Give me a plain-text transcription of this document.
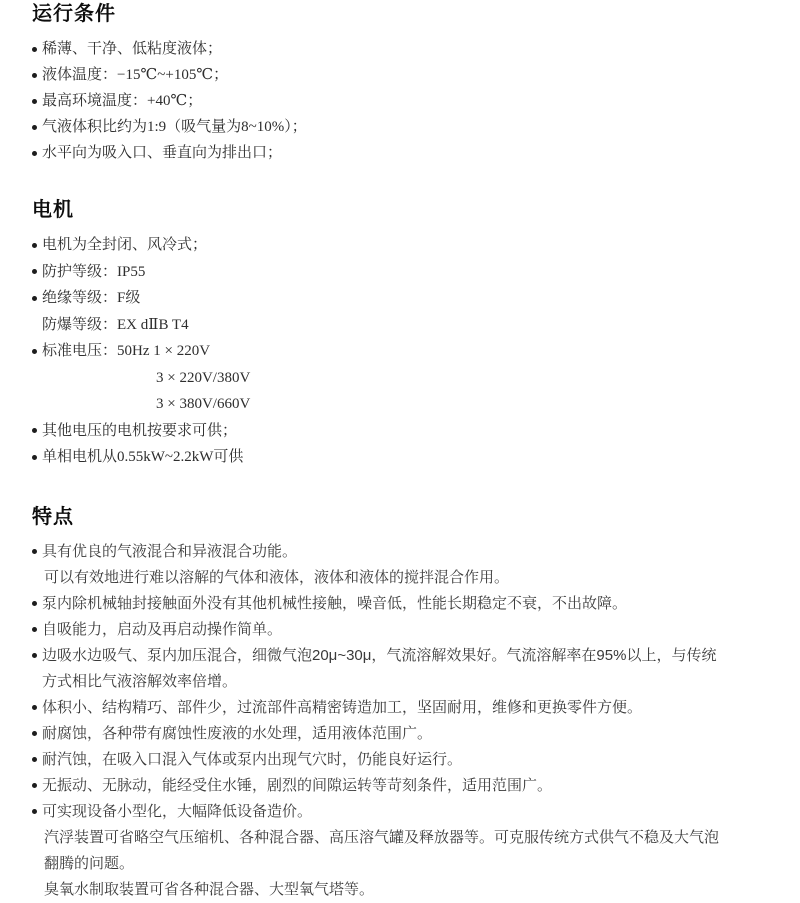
运行条件
稀薄、干净、低粘度液体；
液体温度：−15℃~+105℃；
最高环境温度：+40℃；
气液体积比约为1:9（吸气量为8~10%）；
水平向为吸入口、垂直向为排出口；
电机
电机为全封闭、风冷式；
防护等级：IP55
绝缘等级：F级
防爆等级：EX dⅡB T4
标准电压：50Hz 1 × 220V
3 × 220V/380V
3 × 380V/660V
其他电压的电机按要求可供；
单相电机从0.55kW~2.2kW可供
特点
具有优良的气液混合和异液混合功能。
可以有效地进行难以溶解的气体和液体，液体和液体的搅拌混合作用。
泵内除机械轴封接触面外没有其他机械性接触，噪音低，性能长期稳定不衰，不出故障。
自吸能力，启动及再启动操作简单。
边吸水边吸气、泵内加压混合，细微气泡20μ~30μ，气流溶解效果好。气流溶解率在95%以上，与传统方式相比气液溶解效率倍增。
体积小、结构精巧、部件少，过流部件高精密铸造加工，坚固耐用，维修和更换零件方便。
耐腐蚀，各种带有腐蚀性废液的水处理，适用液体范围广。
耐汽蚀，在吸入口混入气体或泵内出现气穴时，仍能良好运行。
无振动、无脉动，能经受住水锤，剧烈的间隙运转等苛刻条件，适用范围广。
可实现设备小型化，大幅降低设备造价。
汽浮装置可省略空气压缩机、各种混合器、高压溶气罐及释放器等。可克服传统方式供气不稳及大气泡翻腾的问题。
臭氧水制取装置可省各种混合器、大型氧气塔等。
